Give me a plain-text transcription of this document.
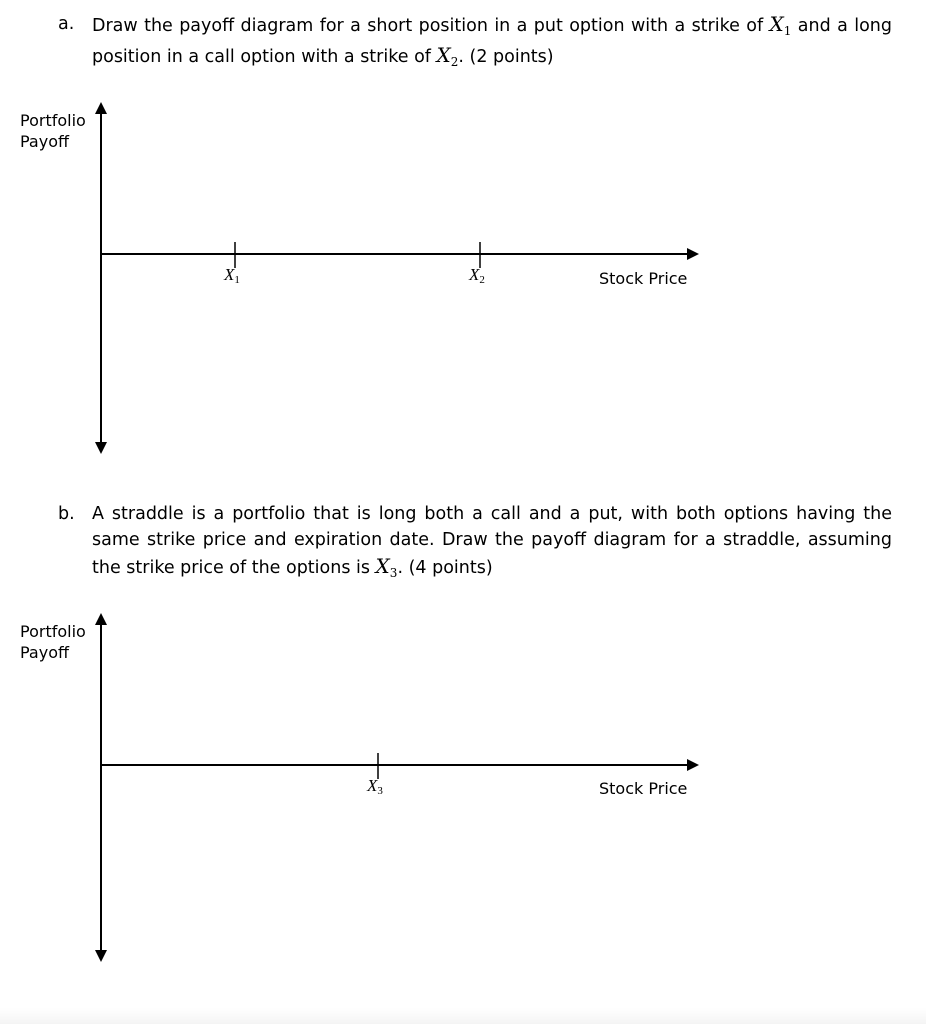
a. Draw the payoff diagram for a short position in a put option with a strike of $X_1$ and a long position in a call option with a strike of $X_2$. (2 points)
Portfolio
Payoff
Stock Price
$X_1$	$X_2$
b. A straddle is a portfolio that is long both a call and a put, with both options having the same strike price and expiration date. Draw the payoff diagram for a straddle, assuming the strike price of the options is $X_3$. (4 points)
Portfolio
Payoff
Stock Price
$X_3$
